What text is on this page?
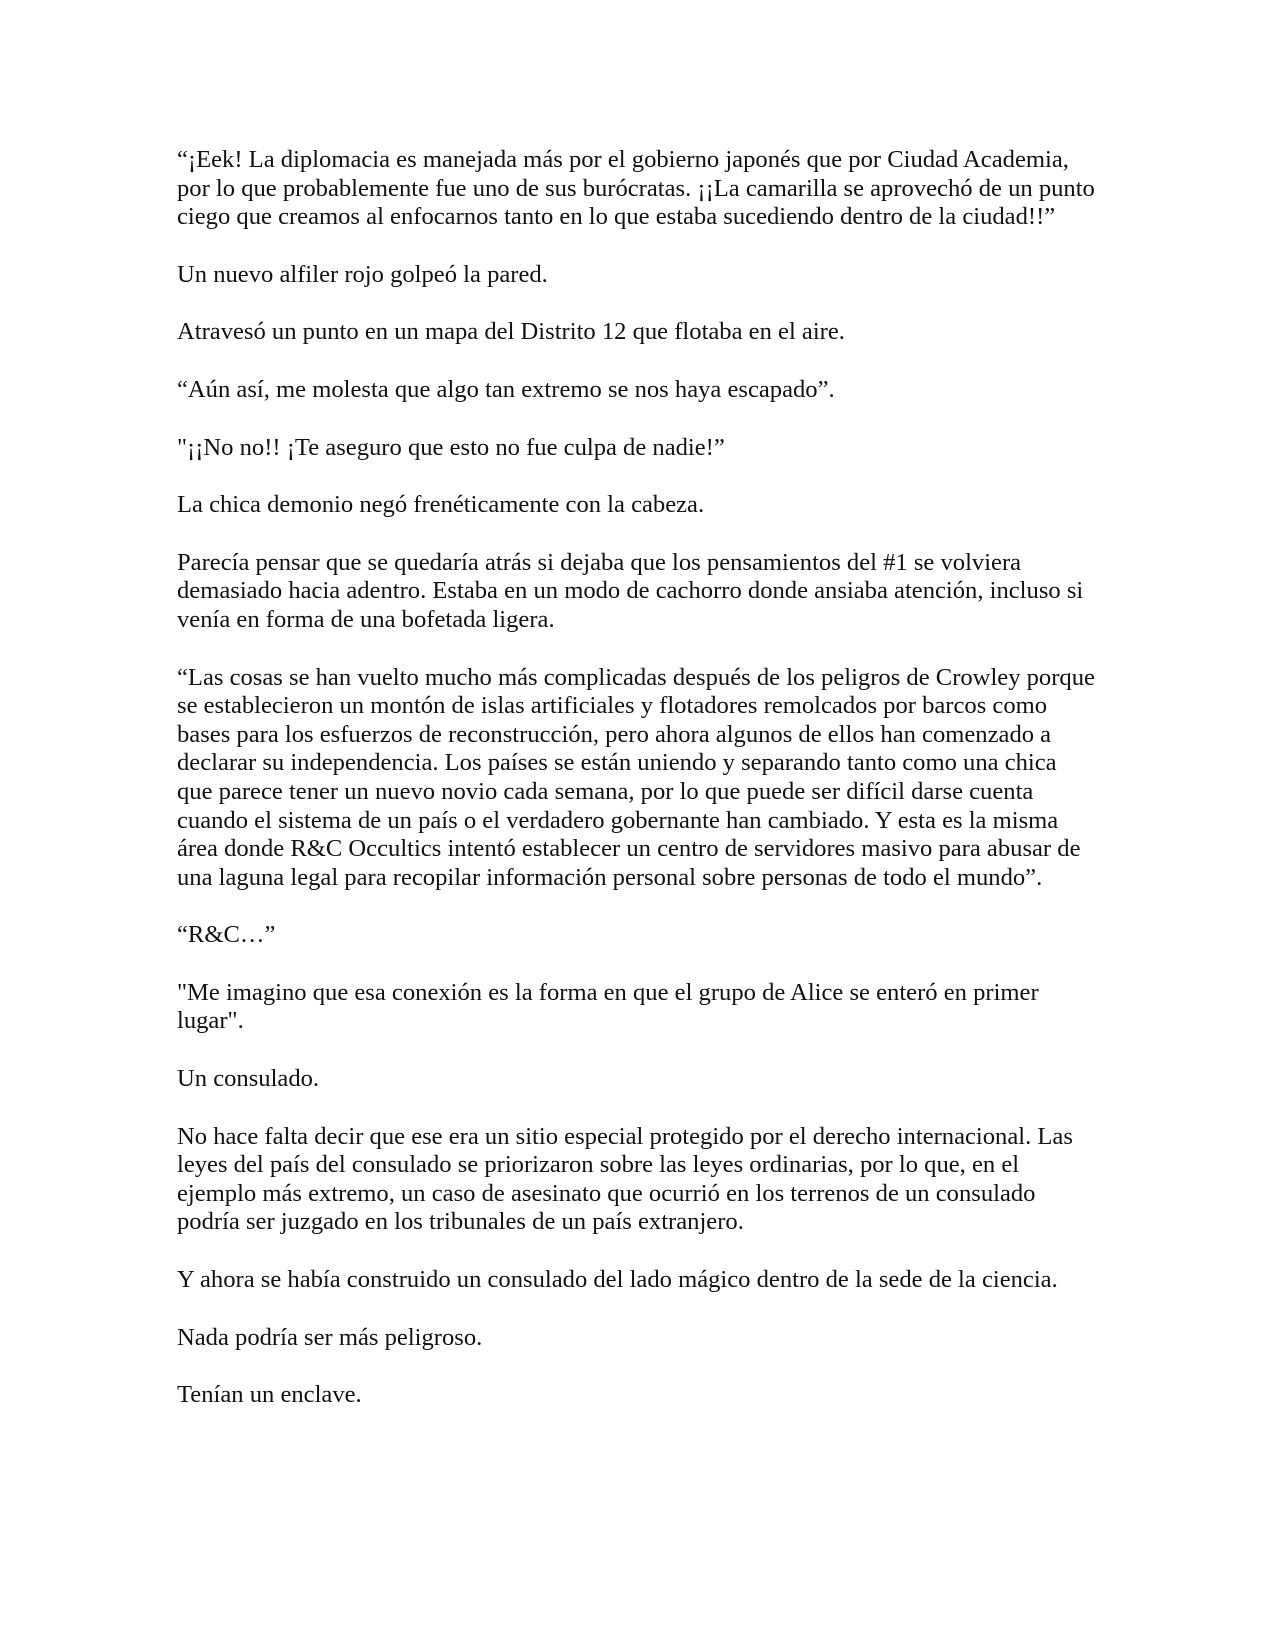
“¡Eek! La diplomacia es manejada más por el gobierno japonés que por Ciudad Academia, por lo que probablemente fue uno de sus burócratas. ¡¡La camarilla se aprovechó de un punto ciego que creamos al enfocarnos tanto en lo que estaba sucediendo dentro de la ciudad!!”

Un nuevo alfiler rojo golpeó la pared.

Atravesó un punto en un mapa del Distrito 12 que flotaba en el aire.

“Aún así, me molesta que algo tan extremo se nos haya escapado”.

"¡¡No no!! ¡Te aseguro que esto no fue culpa de nadie!”

La chica demonio negó frenéticamente con la cabeza.

Parecía pensar que se quedaría atrás si dejaba que los pensamientos del #1 se volviera demasiado hacia adentro. Estaba en un modo de cachorro donde ansiaba atención, incluso si venía en forma de una bofetada ligera.

“Las cosas se han vuelto mucho más complicadas después de los peligros de Crowley porque se establecieron un montón de islas artificiales y flotadores remolcados por barcos como bases para los esfuerzos de reconstrucción, pero ahora algunos de ellos han comenzado a declarar su independencia. Los países se están uniendo y separando tanto como una chica que parece tener un nuevo novio cada semana, por lo que puede ser difícil darse cuenta cuando el sistema de un país o el verdadero gobernante han cambiado. Y esta es la misma área donde R&C Occultics intentó establecer un centro de servidores masivo para abusar de una laguna legal para recopilar información personal sobre personas de todo el mundo”.

“R&C…”

"Me imagino que esa conexión es la forma en que el grupo de Alice se enteró en primer lugar".

Un consulado.

No hace falta decir que ese era un sitio especial protegido por el derecho internacional. Las leyes del país del consulado se priorizaron sobre las leyes ordinarias, por lo que, en el ejemplo más extremo, un caso de asesinato que ocurrió en los terrenos de un consulado podría ser juzgado en los tribunales de un país extranjero.

Y ahora se había construido un consulado del lado mágico dentro de la sede de la ciencia.

Nada podría ser más peligroso.

Tenían un enclave.
